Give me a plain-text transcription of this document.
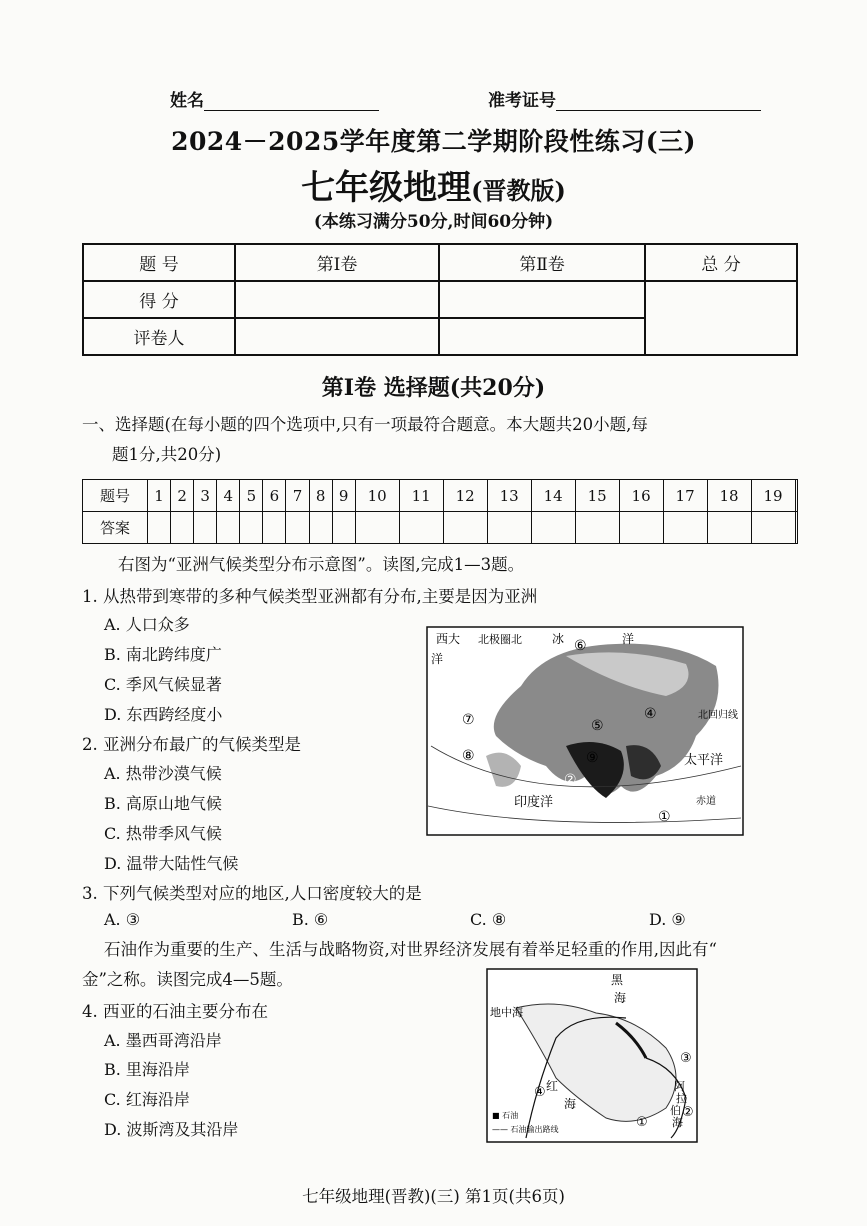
姓名	准考证号
2024－2025学年度第二学期阶段性练习(三)
七年级地理(晋教版)
(本练习满分50分,时间60分钟)
题 号	第Ⅰ卷	第Ⅱ卷	总 分
得 分			
评卷人			
第Ⅰ卷 选择题(共20分)
一、选择题(在每小题的四个选项中,只有一项最符合题意。本大题共20小题,每
题1分,共20分)
题号	1	2	3	4	5	6	7	8	9	10	11	12	13	14	15	16	17	18	19	
答案																				
右图为“亚洲气候类型分布示意图”。读图,完成1—3题。
1. 从热带到寒带的多种气候类型亚洲都有分布,主要是因为亚洲
A. 人口众多
B. 南北跨纬度广
C. 季风气候显著
D. 东西跨经度小
2. 亚洲分布最广的气候类型是
A. 热带沙漠气候
B. 高原山地气候
C. 热带季风气候
D. 温带大陆性气候
3. 下列气候类型对应的地区,人口密度较大的是
A. ③	B. ⑥	C. ⑧	D. ⑨
西大
洋
北极圈北	冰	洋
北回归线
太平洋
印度洋	赤道
①
②
④
⑤
⑥
⑦
⑧	⑨
石油作为重要的生产、生活与战略物资,对世界经济发展有着举足轻重的作用,因此有“
金”之称。读图完成4—5题。
4. 西亚的石油主要分布在
A. 墨西哥湾沿岸
B. 里海沿岸
C. 红海沿岸
D. 波斯湾及其沿岸
黑
海
地中海
红
海
阿
拉
伯
海
■ 石油
—— 石油输出路线	①
②
③
④
七年级地理(晋教)(三) 第1页(共6页)
